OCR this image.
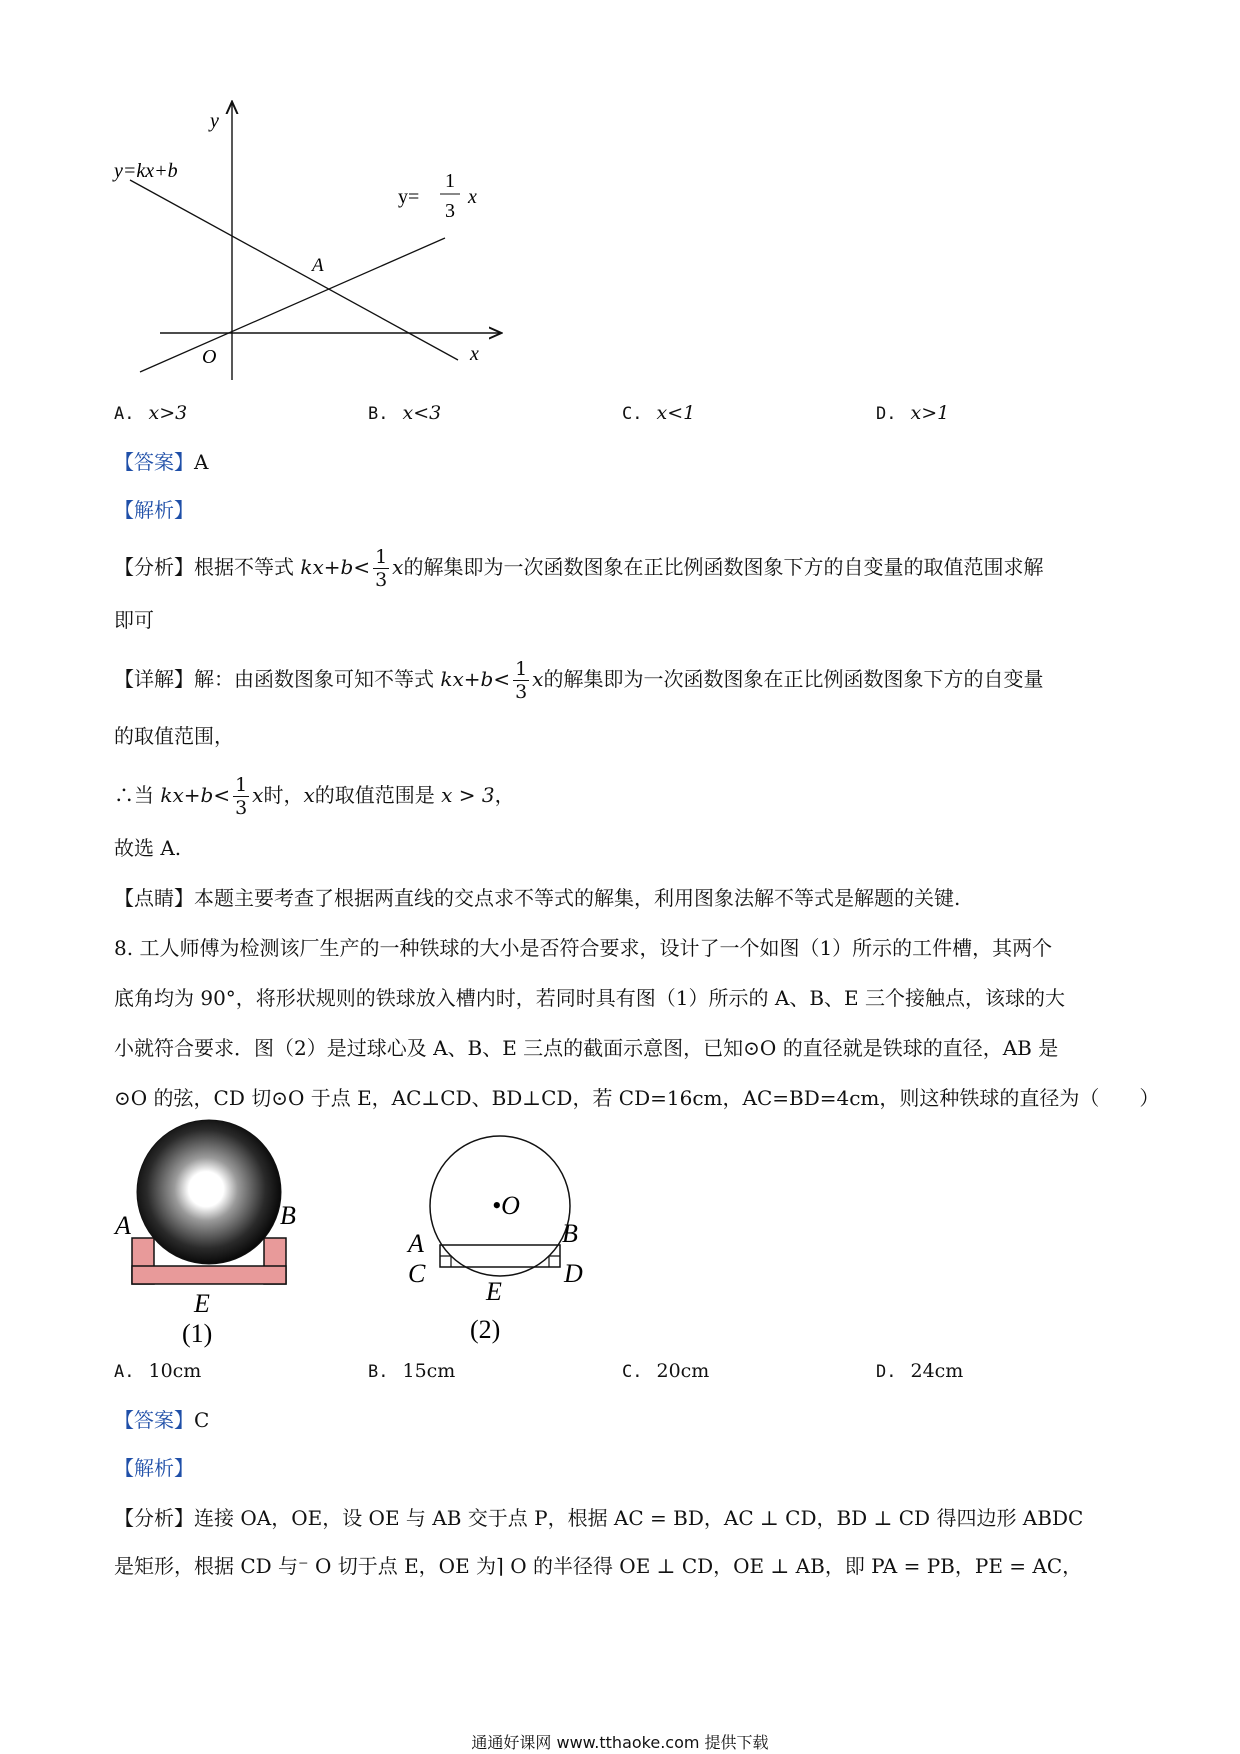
y
x
O
A
y=kx+b
y=
1
3
x
A. x>3	B. x<3	C. x<1	D. x>1
【答案】A
【解析】
【分析】根据不等式 $kx+b< \frac{1}{3}$ x的解集即为一次函数图象在正比例函数图象下方的自变量的取值范围求解
即可
【详解】解：由函数图象可知不等式 $kx+b< \frac{1}{3}$ x的解集即为一次函数图象在正比例函数图象下方的自变量
的取值范围，
∴当 $kx+b< \frac{1}{3}$ x时，x的取值范围是 x > 3，
故选 A.
【点睛】本题主要考查了根据两直线的交点求不等式的解集，利用图象法解不等式是解题的关键.
8. 工人师傅为检测该厂生产的一种铁球的大小是否符合要求，设计了一个如图（1）所示的工件槽，其两个
底角均为 90°，将形状规则的铁球放入槽内时，若同时具有图（1）所示的 A、B、E 三个接触点，该球的大
小就符合要求．图（2）是过球心及 A、B、E 三点的截面示意图，已知⊙O 的直径就是铁球的直径，AB 是
⊙O 的弦，CD 切⊙O 于点 E，AC⊥CD、BD⊥CD，若 CD=16cm，AC=BD=4cm，则这种铁球的直径为（　　）
A	B
E
(1)
•O
A	B
C	D
E
(2)
A. 10cm	B. 15cm	C. 20cm	D. 24cm
【答案】C
【解析】
【分析】连接 OA，OE，设 OE 与 AB 交于点 P，根据 AC = BD，AC ⊥ CD，BD ⊥ CD 得四边形 ABDC
是矩形，根据 CD 与⁻ O 切于点 E，OE 为⌉ O 的半径得 OE ⊥ CD，OE ⊥ AB，即 PA = PB，PE = AC，
通通好课网 www.tthaoke.com 提供下载
